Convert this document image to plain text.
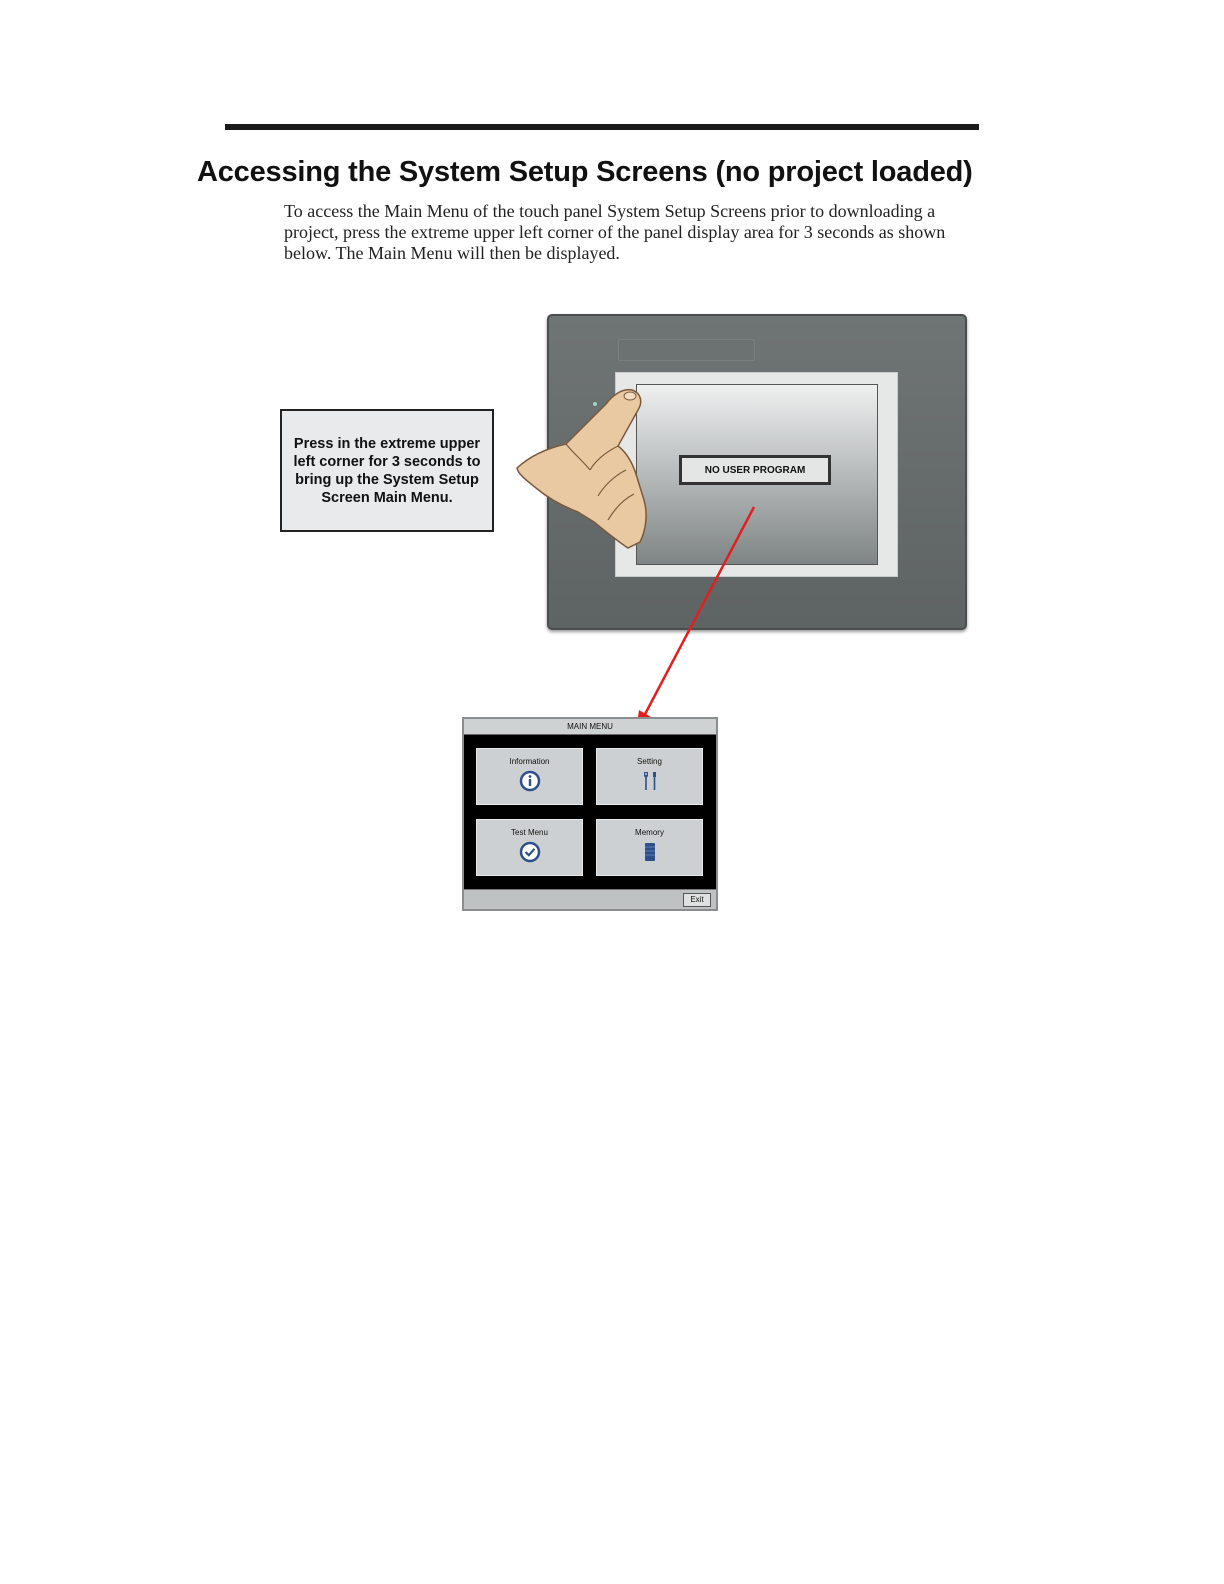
Accessing the System Setup Screens (no project loaded)

To access the Main Menu of the touch panel System Setup Screens prior to downloading a project, press the extreme upper left corner of the panel display area for 3 seconds as shown below. The Main Menu will then be displayed.

Press in the extreme upper left corner for 3 seconds to bring up the System Setup Screen Main Menu.
NO USER PROGRAM
MAIN MENU
Information	Setting
Test Menu	Memory
Exit
